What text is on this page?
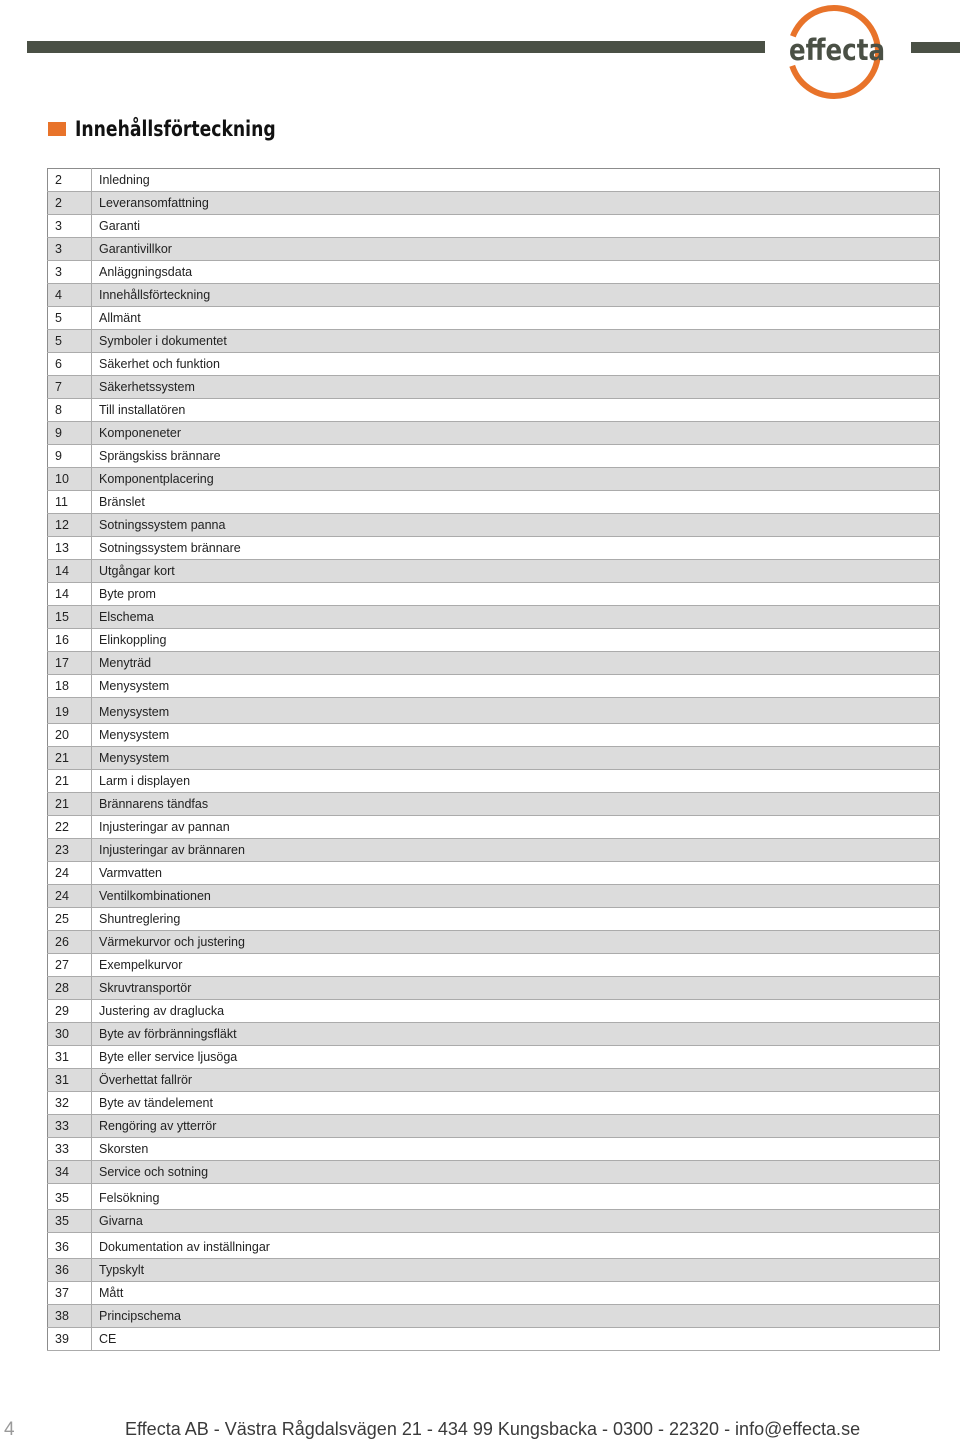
effecta
Innehållsförteckning
2	Inledning
2	Leveransomfattning
3	Garanti
3	Garantivillkor
3	Anläggningsdata
4	Innehållsförteckning
5	Allmänt
5	Symboler i dokumentet
6	Säkerhet och funktion
7	Säkerhetssystem
8	Till installatören
9	Komponeneter
9	Sprängskiss brännare
10	Komponentplacering
11	Bränslet
12	Sotningssystem panna
13	Sotningssystem brännare
14	Utgångar kort
14	Byte prom
15	Elschema
16	Elinkoppling
17	Menyträd
18	Menysystem
19	Menysystem
20	Menysystem
21	Menysystem
21	Larm i displayen
21	Brännarens tändfas
22	Injusteringar av pannan
23	Injusteringar av brännaren
24	Varmvatten
24	Ventilkombinationen
25	Shuntreglering
26	Värmekurvor och justering
27	Exempelkurvor
28	Skruvtransportör
29	Justering av draglucka
30	Byte av förbränningsfläkt
31	Byte eller service ljusöga
31	Överhettat fallrör
32	Byte av tändelement
33	Rengöring av ytterrör
33	Skorsten
34	Service och sotning
35	Felsökning
35	Givarna
36	Dokumentation av inställningar
36	Typskylt
37	Mått
38	Principschema
39	CE
4	Effecta AB - Västra Rågdalsvägen 21 - 434 99 Kungsbacka - 0300 - 22320 - info@effecta.se
